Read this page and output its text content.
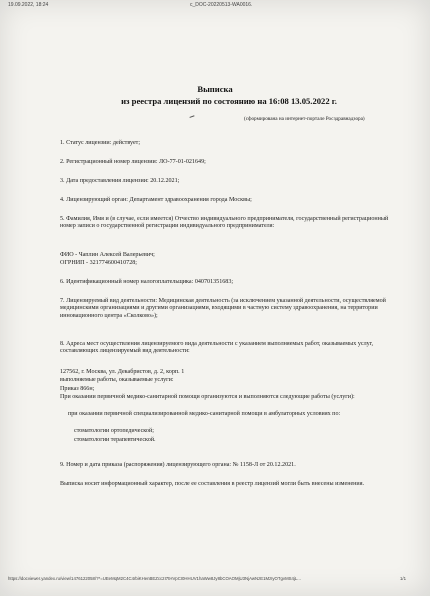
19.09.2022, 18:24	c_DOC-20220513-WA0016.
Выписка
из реестра лицензий по состоянию на 16:08 13.05.2022 г.
(сформирована на интернет-портале Росздравнадзора)
1. Статус лицензии: действует;
2. Регистрационный номер лицензии: ЛО-77-01-021649;
3. Дата предоставления лицензии: 20.12.2021;
4. Лицензирующий орган: Департамент здравоохранения города Москвы;
5. Фамилия, Имя и (в случае, если имеется) Отчество индивидуального предпринимателя, государственный регистрационный номер записи о государственной регистрации индивидуального предпринимателя:
ФИО - Чаплин Алексей Валерьевич;
ОГРНИП - 321774600410728;
6. Идентификационный номер налогоплательщика: 040701351683;
7. Лицензируемый вид деятельности: Медицинская деятельность (за исключением указанной деятельности, осуществляемой медицинскими организациями и другими организациями, входящими в частную систему здравоохранения, на территории инновационного центра «Сколково»);
8. Адреса мест осуществления лицензируемого вида деятельности с указанием выполняемых работ, оказываемых услуг, составляющих лицензируемый вид деятельности:
127562, г. Москва, ул. Декабристов, д. 2, корп. 1
выполняемые работы, оказываемые услуги:
Приказ 866н;
При оказании первичной медико-санитарной помощи организуются и выполняются следующие работы (услуги):
при оказании первичной специализированной медико-санитарной помощи в амбулаторных условиях по:
стоматологии ортопедической;
стоматологии терапевтической.
9. Номер и дата приказа (распоряжения) лицензирующего органа: № 1158-Л от 20.12.2021.
Выписка носит информационный характер, после ее составления в реестр лицензий могли быть внесены изменения.
https://docviewer.yandex.ru/view/1476122058/?*=UEeMqM2C4C4rbiKHenBEZcc2I7tHVpCI0HHUV1haWw8Jy8bCOAOMjU3NjAwNzE1MzIyOTgvMS4jL...	1/1
